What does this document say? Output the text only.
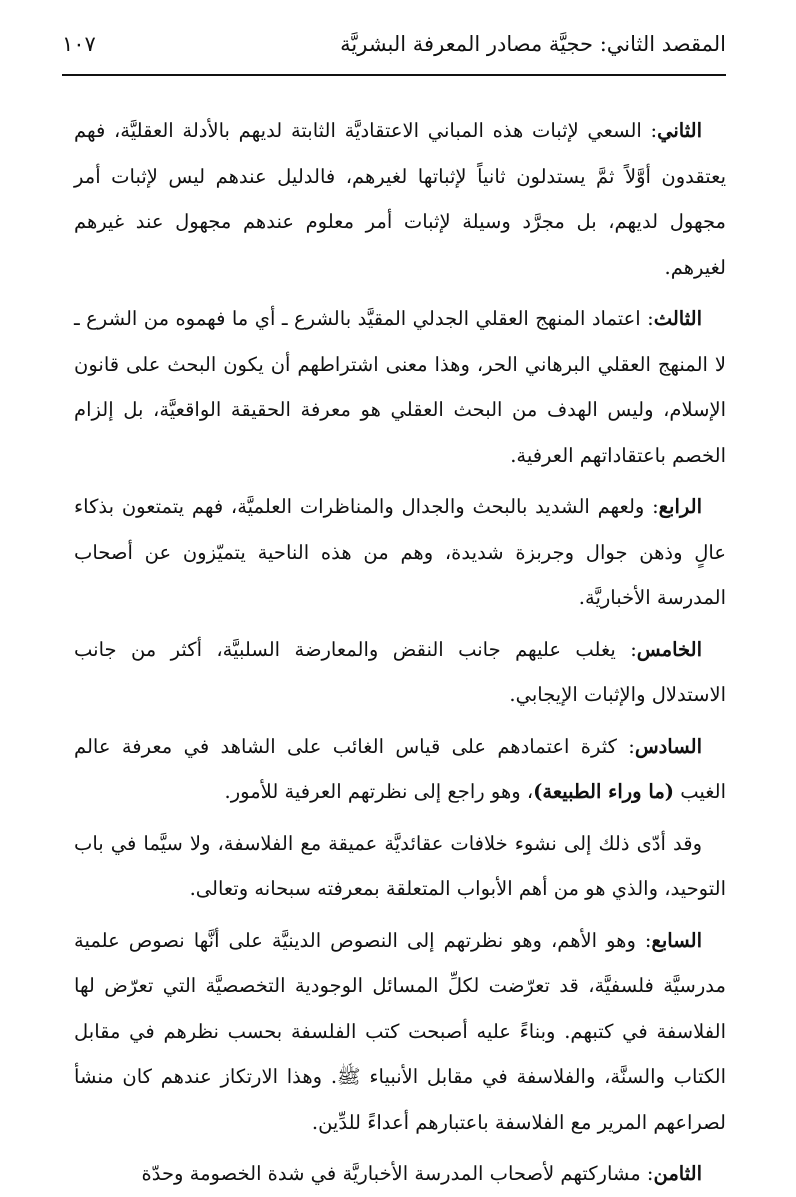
المقصد الثاني: حجيَّة مصادر المعرفة البشريَّة
١٠٧

الثاني: السعي لإثبات هذه المباني الاعتقاديَّة الثابتة لديهم بالأدلة العقليَّة، فهم يعتقدون أوَّلاً ثمَّ يستدلون ثانياً لإثباتها لغيرهم، فالدليل عندهم ليس لإثبات أمر مجهول لديهم، بل مجرَّد وسيلة لإثبات أمر معلوم عندهم مجهول عند غيرهم لغيرهم.

الثالث: اعتماد المنهج العقلي الجدلي المقيَّد بالشرع ـ أي ما فهموه من الشرع ـ لا المنهج العقلي البرهاني الحر، وهذا معنى اشتراطهم أن يكون البحث على قانون الإسلام، وليس الهدف من البحث العقلي هو معرفة الحقيقة الواقعيَّة، بل إلزام الخصم باعتقاداتهم العرفية.

الرابع: ولعهم الشديد بالبحث والجدال والمناظرات العلميَّة، فهم يتمتعون بذكاء عالٍ وذهن جوال وجربزة شديدة، وهم من هذه الناحية يتميّزون عن أصحاب المدرسة الأخباريَّة.

الخامس: يغلب عليهم جانب النقض والمعارضة السلبيَّة، أكثر من جانب الاستدلال والإثبات الإيجابي.

السادس: كثرة اعتمادهم على قياس الغائب على الشاهد في معرفة عالم الغيب (ما وراء الطبيعة)، وهو راجع إلى نظرتهم العرفية للأمور.

وقد أدّى ذلك إلى نشوء خلافات عقائديَّة عميقة مع الفلاسفة، ولا سيَّما في باب التوحيد، والذي هو من أهم الأبواب المتعلقة بمعرفته سبحانه وتعالى.

السابع: وهو الأهم، وهو نظرتهم إلى النصوص الدينيَّة على أنَّها نصوص علمية مدرسيَّة فلسفيَّة، قد تعرّضت لكلِّ المسائل الوجودية التخصصيَّة التي تعرّض لها الفلاسفة في كتبهم. وبناءً عليه أصبحت كتب الفلسفة بحسب نظرهم في مقابل الكتاب والسنَّة، والفلاسفة في مقابل الأنبياء ﷺ. وهذا الارتكاز عندهم كان منشأ لصراعهم المرير مع الفلاسفة باعتبارهم أعداءً للدِّين.

الثامن: مشاركتهم لأصحاب المدرسة الأخباريَّة في شدة الخصومة وحدّة
